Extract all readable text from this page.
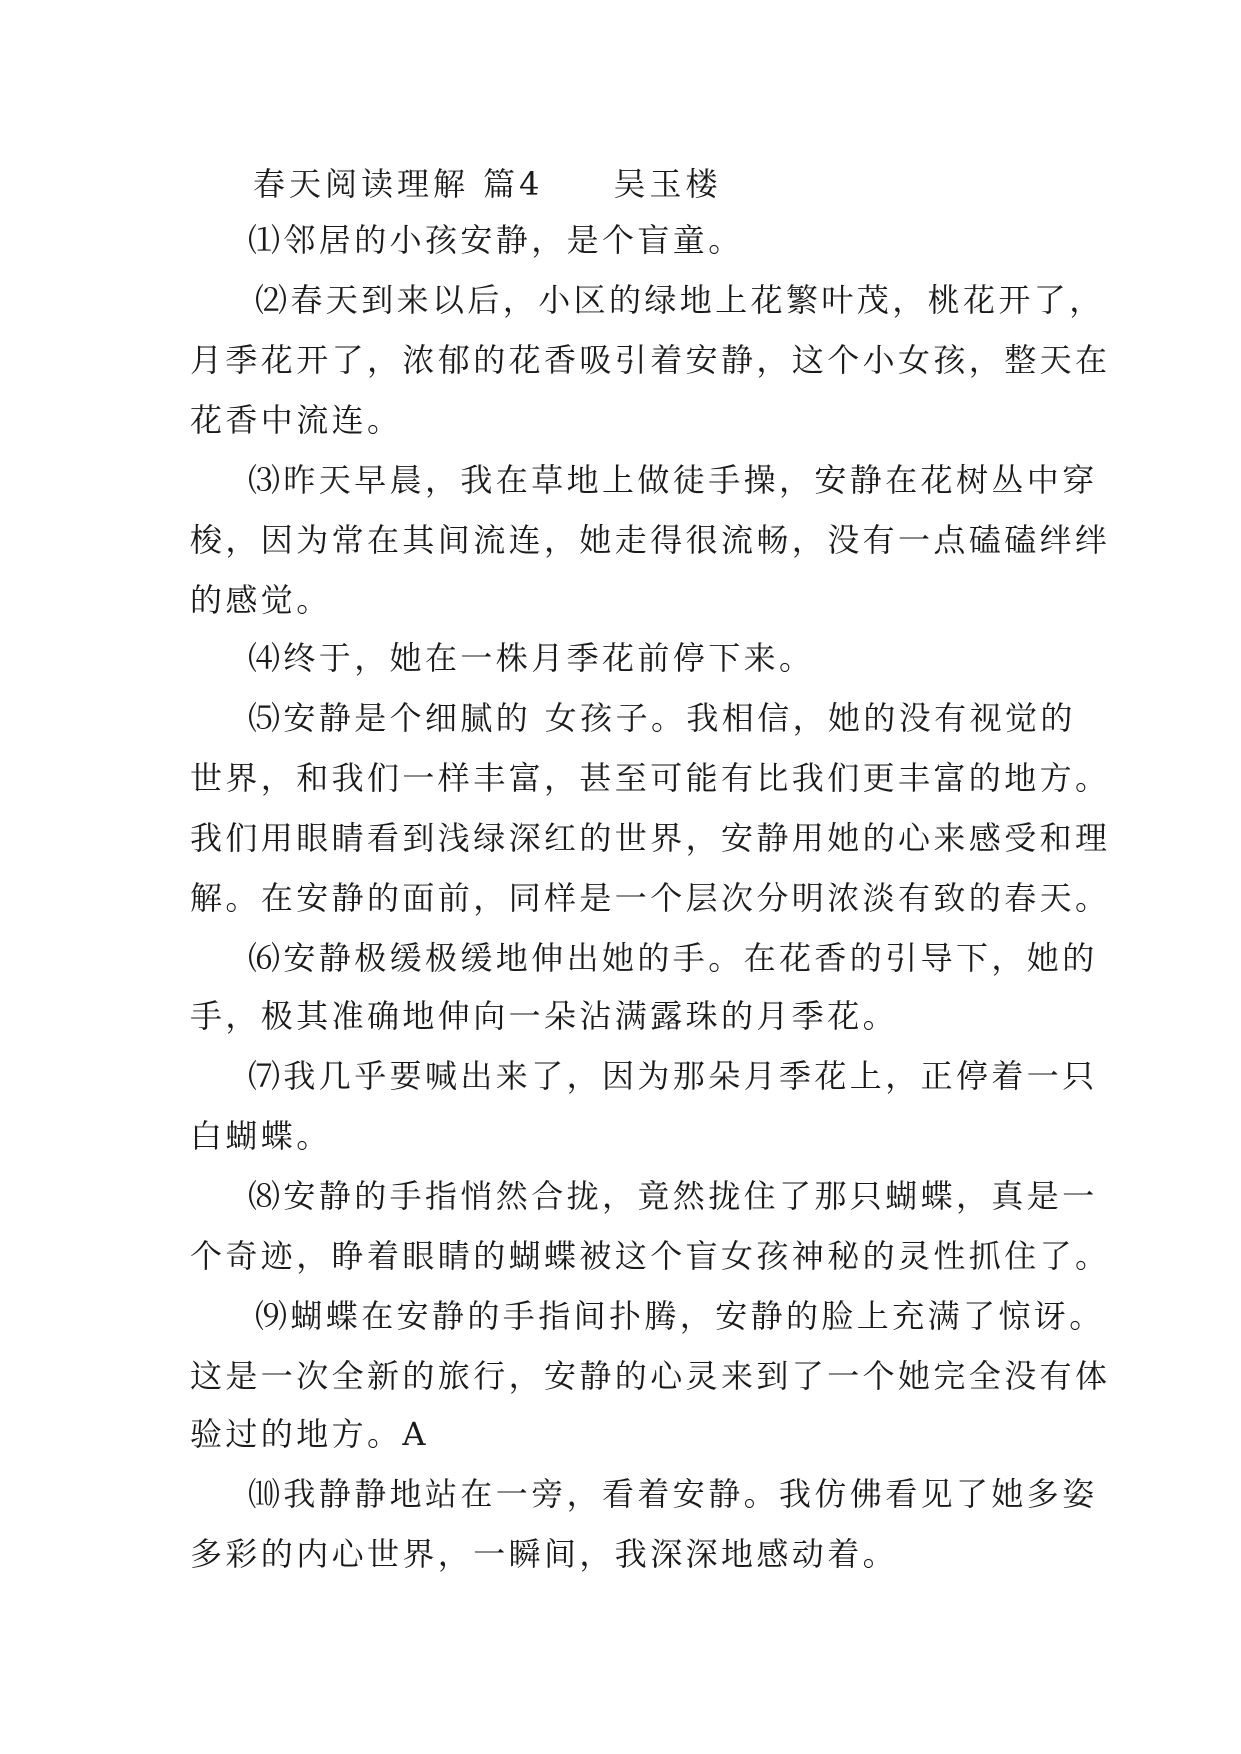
春天阅读理解 篇4 吴玉楼
⑴邻居的小孩安静，是个盲童。
⑵春天到来以后，小区的绿地上花繁叶茂，桃花开了，
月季花开了，浓郁的花香吸引着安静，这个小女孩，整天在
花香中流连。
⑶昨天早晨，我在草地上做徒手操，安静在花树丛中穿
梭，因为常在其间流连，她走得很流畅，没有一点磕磕绊绊
的感觉。
⑷终于，她在一株月季花前停下来。
⑸安静是个细腻的 女孩子。我相信，她的没有视觉的
世界，和我们一样丰富，甚至可能有比我们更丰富的地方。
我们用眼睛看到浅绿深红的世界，安静用她的心来感受和理
解。在安静的面前，同样是一个层次分明浓淡有致的春天。
⑹安静极缓极缓地伸出她的手。在花香的引导下，她的
手，极其准确地伸向一朵沾满露珠的月季花。
⑺我几乎要喊出来了，因为那朵月季花上，正停着一只
白蝴蝶。
⑻安静的手指悄然合拢，竟然拢住了那只蝴蝶，真是一
个奇迹，睁着眼睛的蝴蝶被这个盲女孩神秘的灵性抓住了。
⑼蝴蝶在安静的手指间扑腾，安静的脸上充满了惊讶。
这是一次全新的旅行，安静的心灵来到了一个她完全没有体
验过的地方。A
⑽我静静地站在一旁，看着安静。我仿佛看见了她多姿
多彩的内心世界，一瞬间，我深深地感动着。
